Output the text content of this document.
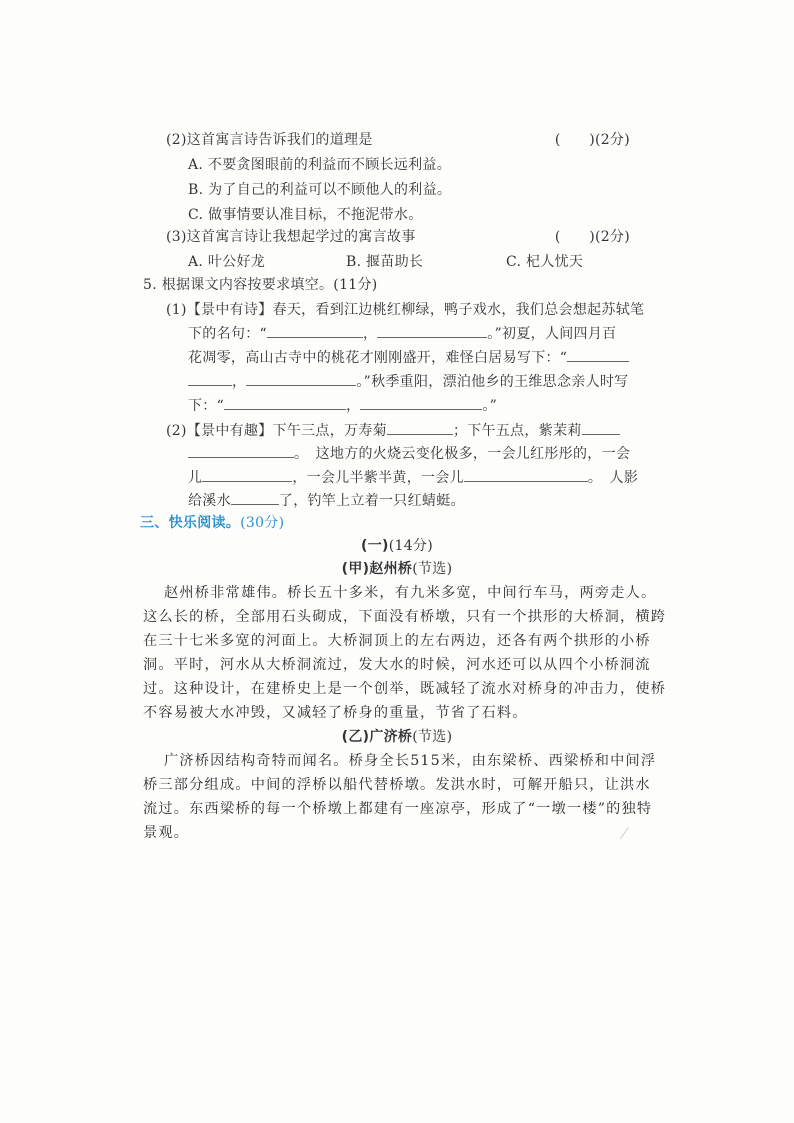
(2)这首寓言诗告诉我们的道理是	(　　)(2分)
A. 不要贪图眼前的利益而不顾长远利益。
B. 为了自己的利益可以不顾他人的利益。
C. 做事情要认准目标，不拖泥带水。
(3)这首寓言诗让我想起学过的寓言故事	(　　)(2分)
A. 叶公好龙	B. 揠苗助长	C. 杞人忧天
5. 根据课文内容按要求填空。(11分)
(1)【景中有诗】春天，看到江边桃红柳绿，鸭子戏水，我们总会想起苏轼笔
下的名句：“	，	。”初夏，人间四月百
花凋零，高山古寺中的桃花才刚刚盛开，难怪白居易写下：“
，	。”秋季重阳，漂泊他乡的王维思念亲人时写
下：“	，	。”
(2)【景中有趣】下午三点，万寿菊	；下午五点，紫茉莉
。　这地方的火烧云变化极多，一会儿红彤彤的，一会
儿	，一会儿半紫半黄，一会儿	。　人影
给溪水	了，钓竿上立着一只红蜻蜓。
三、快乐阅读。(30分)
(一)(14分)
(甲)赵州桥(节选)
赵州桥非常雄伟。桥长五十多米，有九米多宽，中间行车马，两旁走人。
这么长的桥，全部用石头砌成，下面没有桥墩，只有一个拱形的大桥洞，横跨
在三十七米多宽的河面上。大桥洞顶上的左右两边，还各有两个拱形的小桥
洞。平时，河水从大桥洞流过，发大水的时候，河水还可以从四个小桥洞流
过。这种设计，在建桥史上是一个创举，既减轻了流水对桥身的冲击力，使桥
不容易被大水冲毁，又减轻了桥身的重量，节省了石料。
(乙)广济桥(节选)
广济桥因结构奇特而闻名。桥身全长515米，由东梁桥、西梁桥和中间浮
桥三部分组成。中间的浮桥以船代替桥墩。发洪水时，可解开船只，让洪水
流过。东西梁桥的每一个桥墩上都建有一座凉亭，形成了“一墩一楼”的独特
景观。
